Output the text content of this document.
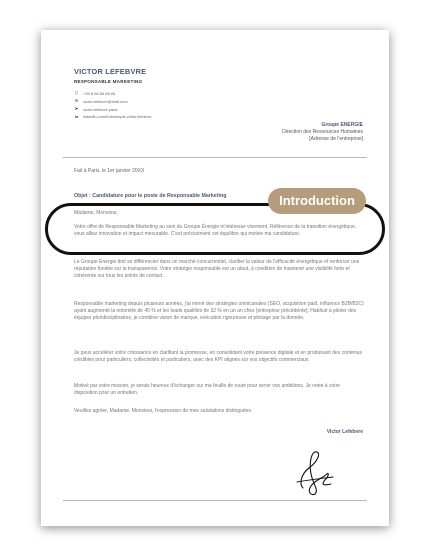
VICTOR LEFEBVRE
RESPONSABLE MARKETING
▯	+33 6 66 66 66 66
✉ victor.lefebvre@mail.com
➤ victor.lefebvre.paris
in linkedin.com/in/exemple.victor.lefebvre
Groupe ENERGIE
Direction des Ressources Humaines
[Adresse de l'entreprise]
Fait à Paris, le 1er janvier 20XX
Objet : Candidature pour le poste de Responsable Marketing
Madame, Monsieur,
Votre offre de Responsable Marketing au sein du Groupe Énergie m'intéresse vivement. Référence de la transition énergétique, vous alliez innovation et impact mesurable. C'est précisément cet équilibre qui motive ma candidature.
Le Groupe Énergie doit se différencier dans un marché concurrentiel, clarifier la valeur de l'efficacité énergétique et renforcer une réputation fondée sur la transparence. Votre stratégie responsable est un atout, à condition de maintenir une visibilité forte et cohérente sur tous les points de contact.
Responsable marketing depuis plusieurs années, j'ai mené des stratégies omnicanales (SEO, acquisition paid, influence B2B/B2C) ayant augmenté la notoriété de 45 % et les leads qualifiés de 32 % en un an chez [entreprise précédente]. Habitué à piloter des équipes pluridisciplinaires, je combine vision de marque, exécution rigoureuse et pilotage par la donnée.
Je peux accélérer votre croissance en clarifiant la promesse, en consolidant votre présence digitale et en produisant des contenus crédibles pour particuliers, collectivités et particuliers, avec des KPI alignés sur vos objectifs commerciaux.
Motivé par votre mission, je serais heureux d'échanger sur ma feuille de route pour servir vos ambitions. Je reste à votre disposition pour un entretien.
Veuillez agréer, Madame, Monsieur, l'expression de mes salutations distinguées.
Victor Lefebvre
Introduction
